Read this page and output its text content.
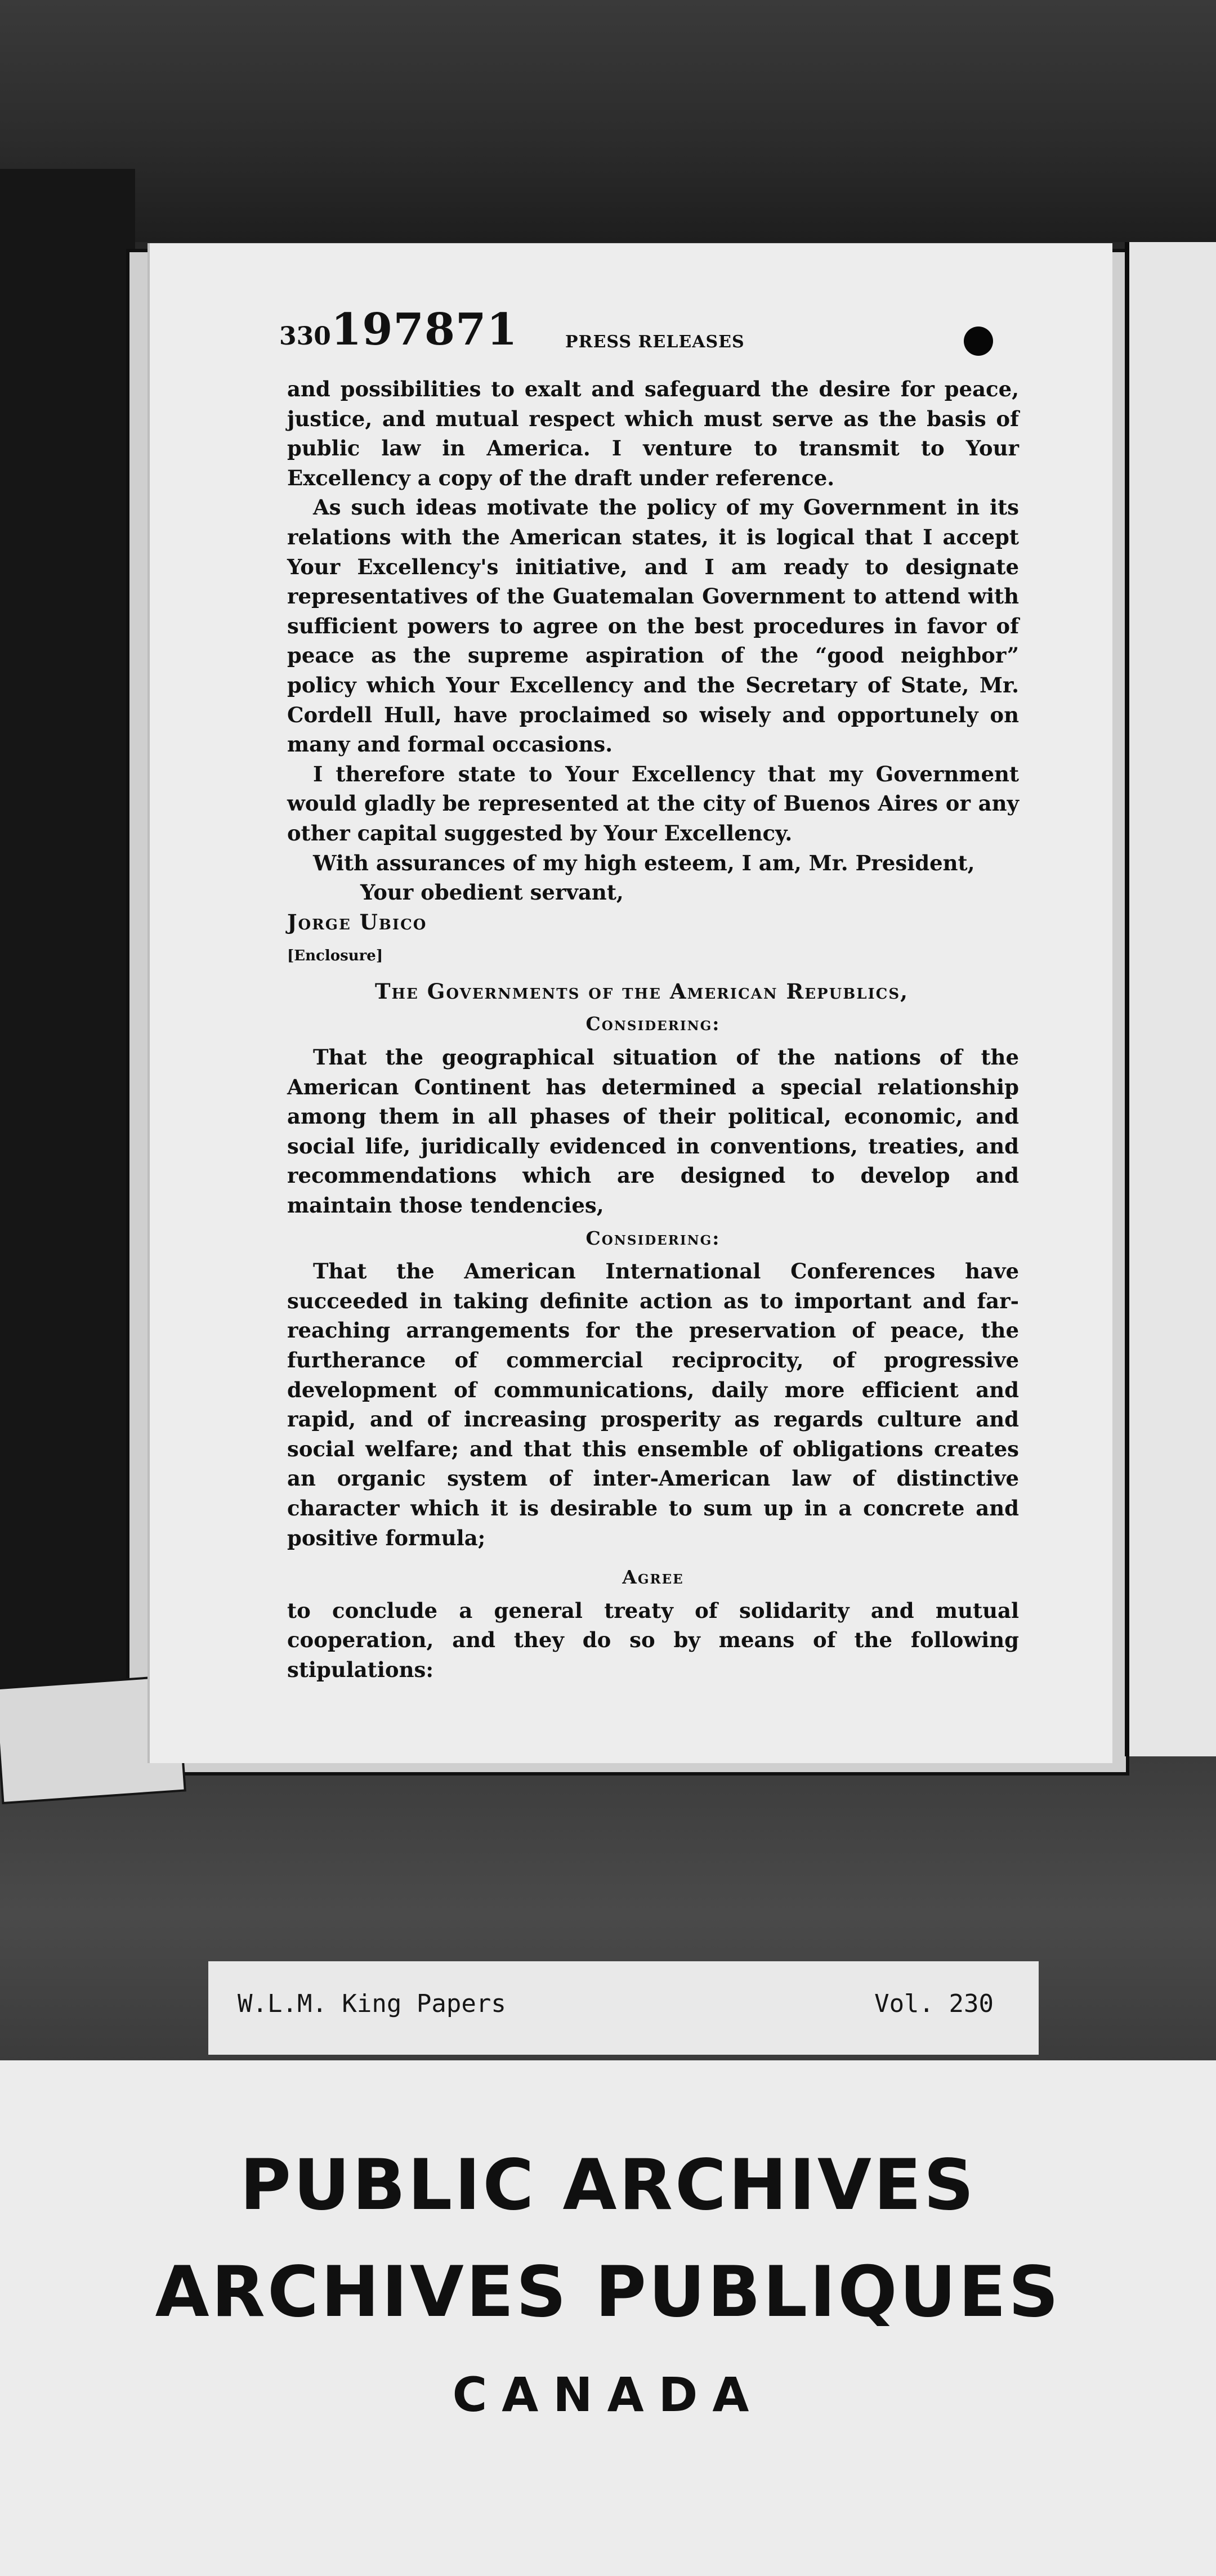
330 197871	PRESS RELEASES

and possibilities to exalt and safeguard the desire for peace, justice, and mutual respect which must serve as the basis of public law in America. I venture to transmit to Your Excellency a copy of the draft under reference.

As such ideas motivate the policy of my Government in its relations with the American states, it is logical that I accept Your Excellency's initiative, and I am ready to designate representatives of the Guatemalan Government to attend with sufficient powers to agree on the best procedures in favor of peace as the supreme aspiration of the “good neighbor” policy which Your Excellency and the Secretary of State, Mr. Cordell Hull, have proclaimed so wisely and opportunely on many and formal occasions.

I therefore state to Your Excellency that my Government would gladly be represented at the city of Buenos Aires or any other capital suggested by Your Excellency.

With assurances of my high esteem, I am, Mr. President,

Your obedient servant,

Jorge Ubico

[Enclosure]

The Governments of the American Republics,

Considering:

That the geographical situation of the nations of the American Continent has determined a special relationship among them in all phases of their political, economic, and social life, juridically evidenced in conventions, treaties, and recommendations which are designed to develop and maintain those tendencies,

Considering:

That the American International Conferences have succeeded in taking definite action as to important and far-reaching arrangements for the preservation of peace, the furtherance of commercial reciprocity, of progressive development of communications, daily more efficient and rapid, and of increasing prosperity as regards culture and social welfare; and that this ensemble of obligations creates an organic system of inter-American law of distinctive character which it is desirable to sum up in a concrete and positive formula;

Agree

to conclude a general treaty of solidarity and mutual cooperation, and they do so by means of the following stipulations:

W.L.M. King Papers	Vol. 230
PUBLIC ARCHIVES
ARCHIVES PUBLIQUES
CANADA
